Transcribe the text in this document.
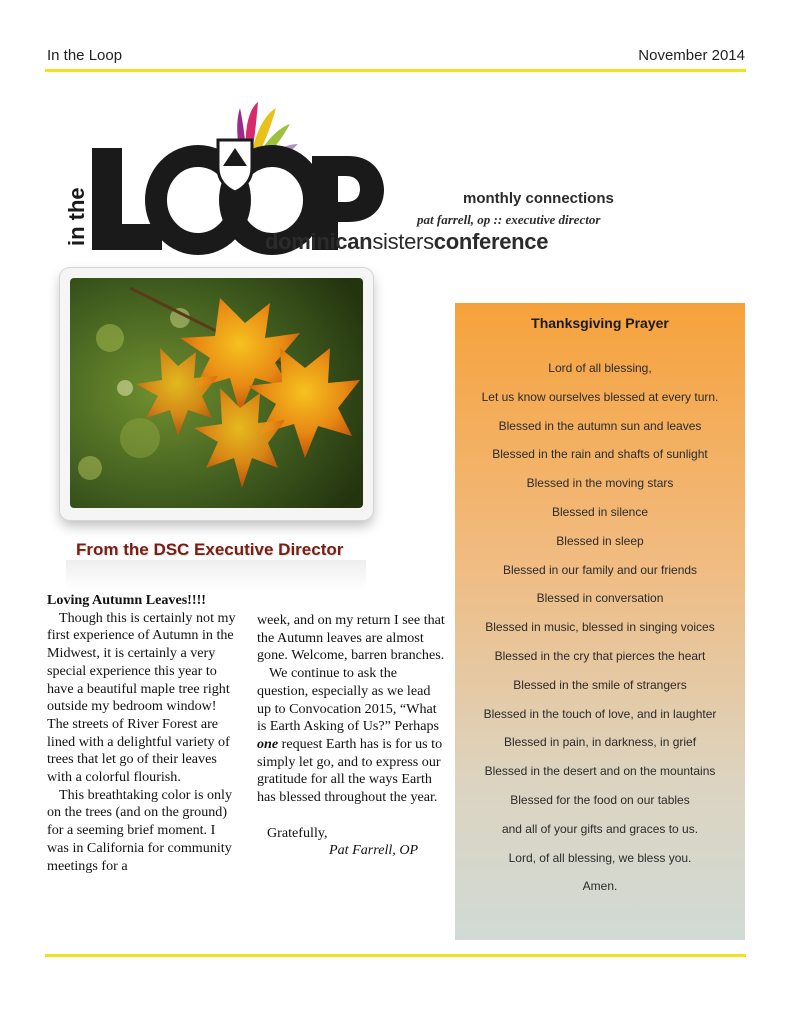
In the Loop	November 2014
in the	monthly connections
pat farrell, op :: executive director
dominicansistersconference
From the DSC Executive Director
Loving Autumn Leaves!!!!

Though this is certainly not my first experience of Autumn in the Midwest, it is certainly a very special experience this year to have a beautiful maple tree right outside my bedroom window! The streets of River Forest are lined with a delightful variety of trees that let go of their leaves with a colorful flourish.

This breathtaking color is only on the trees (and on the ground) for a seeming brief moment. I was in California for community meetings for a

week, and on my return I see that the Autumn leaves are almost gone. Welcome, barren branches.

We continue to ask the question, especially as we lead up to Convocation 2015, “What is Earth Asking of Us?” Perhaps one request Earth has is for us to simply let go, and to express our gratitude for all the ways Earth has blessed throughout the year.

Gratefully,
Pat Farrell, OP
Thanksgiving Prayer
Lord of all blessing,
Let us know ourselves blessed at every turn.
Blessed in the autumn sun and leaves
Blessed in the rain and shafts of sunlight
Blessed in the moving stars
Blessed in silence
Blessed in sleep
Blessed in our family and our friends
Blessed in conversation
Blessed in music, blessed in singing voices
Blessed in the cry that pierces the heart
Blessed in the smile of strangers
Blessed in the touch of love, and in laughter
Blessed in pain, in darkness, in grief
Blessed in the desert and on the mountains
Blessed for the food on our tables
and all of your gifts and graces to us.
Lord, of all blessing, we bless you.
Amen.
